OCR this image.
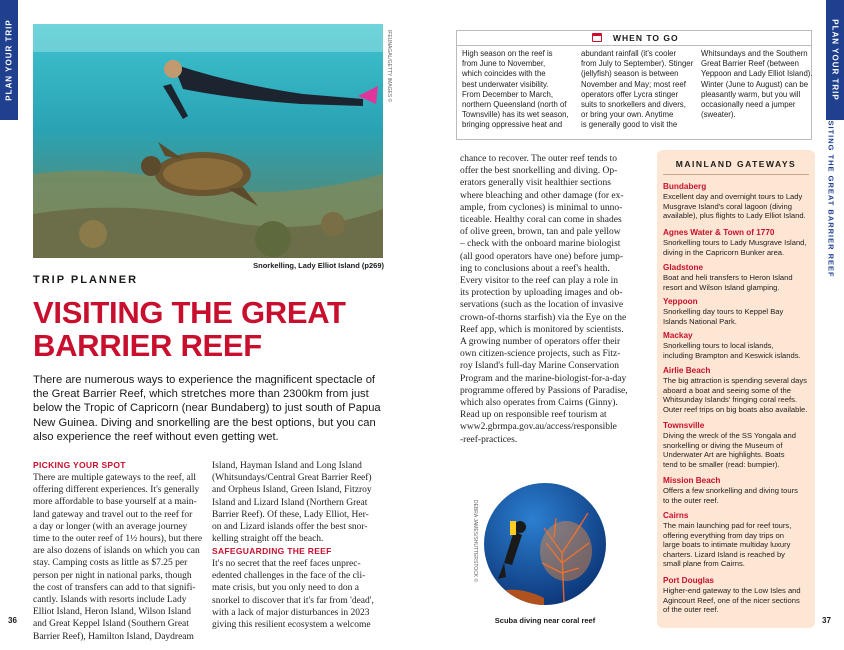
PLAN YOUR TRIP	PLAN YOUR TRIP
VISITING THE GREAT BARRIER REEF
IFEUNAGAL/GETTY IMAGES ©
Snorkelling, Lady Elliot Island (p269)
TRIP PLANNER
VISITING THE GREAT
BARRIER REEF
There are numerous ways to experience the magnificent spectacle of the Great Barrier Reef, which stretches more than 2300km from just below the Tropic of Capricorn (near Bundaberg) to just south of Papua New Guinea. Diving and snorkelling are the best options, but you can also experience the reef without even getting wet.
PICKING YOUR SPOT
There are multiple gateways to the reef, all
offering different experiences. It's generally
more affordable to base yourself at a main-
land gateway and travel out to the reef for
a day or longer (with an average journey
time to the outer reef of 1½ hours), but there
are also dozens of islands on which you can
stay. Camping costs as little as $7.25 per
person per night in national parks, though
the cost of transfers can add to that signifi-
cantly. Islands with resorts include Lady
Elliot Island, Heron Island, Wilson Island
and Great Keppel Island (Southern Great
Barrier Reef), Hamilton Island, Daydream
Island, Hayman Island and Long Island
(Whitsundays/Central Great Barrier Reef)
and Orpheus Island, Green Island, Fitzroy
Island and Lizard Island (Northern Great
Barrier Reef). Of these, Lady Elliot, Her-
on and Lizard islands offer the best snor-
kelling straight off the beach.
SAFEGUARDING THE REEF
It's no secret that the reef faces unprec-
edented challenges in the face of the cli-
mate crisis, but you only need to don a
snorkel to discover that it's far from 'dead',
with a lack of major disturbances in 2023
giving this resilient ecosystem a welcome
36
WHEN TO GO
High season on the reef is
from June to November,
which coincides with the
best underwater visibility.
From December to March,
northern Queensland (north of
Townsville) has its wet season,
bringing oppressive heat and
abundant rainfall (it's cooler
from July to September). Stinger
(jellyfish) season is between
November and May; most reef
operators offer Lycra stinger
suits to snorkellers and divers,
or bring your own. Anytime
is generally good to visit the
Whitsundays and the Southern
Great Barrier Reef (between
Yeppoon and Lady Elliot Island).
Winter (June to August) can be
pleasantly warm, but you will
occasionally need a jumper
(sweater).
chance to recover. The outer reef tends to
offer the best snorkelling and diving. Op-
erators generally visit healthier sections
where bleaching and other damage (for ex-
ample, from cyclones) is minimal to unno-
ticeable. Healthy coral can come in shades
of olive green, brown, tan and pale yellow
– check with the onboard marine biologist
(all good operators have one) before jump-
ing to conclusions about a reef's health.
Every visitor to the reef can play a role in
its protection by uploading images and ob-
servations (such as the location of invasive
crown-of-thorns starfish) via the Eye on the
Reef app, which is monitored by scientists.
A growing number of operators offer their
own citizen-science projects, such as Fitz-
roy Island's full-day Marine Conservation
Program and the marine-biologist-for-a-day
programme offered by Passions of Paradise,
which also operates from Cairns (Ginny).
Read up on responsible reef tourism at
www2.gbrmpa.gov.au/access/responsible
-reef-practices.
DEBRA JAMES/SHUTTERSTOCK ©
Scuba diving near coral reef
MAINLAND GATEWAYS
Bundaberg
Excellent day and overnight tours to Lady
Musgrave Island's coral lagoon (diving
available), plus flights to Lady Elliot Island.
Agnes Water & Town of 1770
Snorkelling tours to Lady Musgrave Island,
diving in the Capricorn Bunker area.
Gladstone
Boat and heli transfers to Heron Island
resort and Wilson Island glamping.
Yeppoon
Snorkelling day tours to Keppel Bay
Islands National Park.
Mackay
Snorkelling tours to local islands,
including Brampton and Keswick islands.
Airlie Beach
The big attraction is spending several days
aboard a boat and seeing some of the
Whitsunday Islands' fringing coral reefs.
Outer reef trips on big boats also available.
Townsville
Diving the wreck of the SS Yongala and
snorkelling or diving the Museum of
Underwater Art are highlights. Boats
tend to be smaller (read: bumpier).
Mission Beach
Offers a few snorkelling and diving tours
to the outer reef.
Cairns
The main launching pad for reef tours,
offering everything from day trips on
large boats to intimate multiday luxury
charters. Lizard Island is reached by
small plane from Cairns.
Port Douglas
Higher-end gateway to the Low Isles and
Agincourt Reef, one of the nicer sections
of the outer reef.
37
